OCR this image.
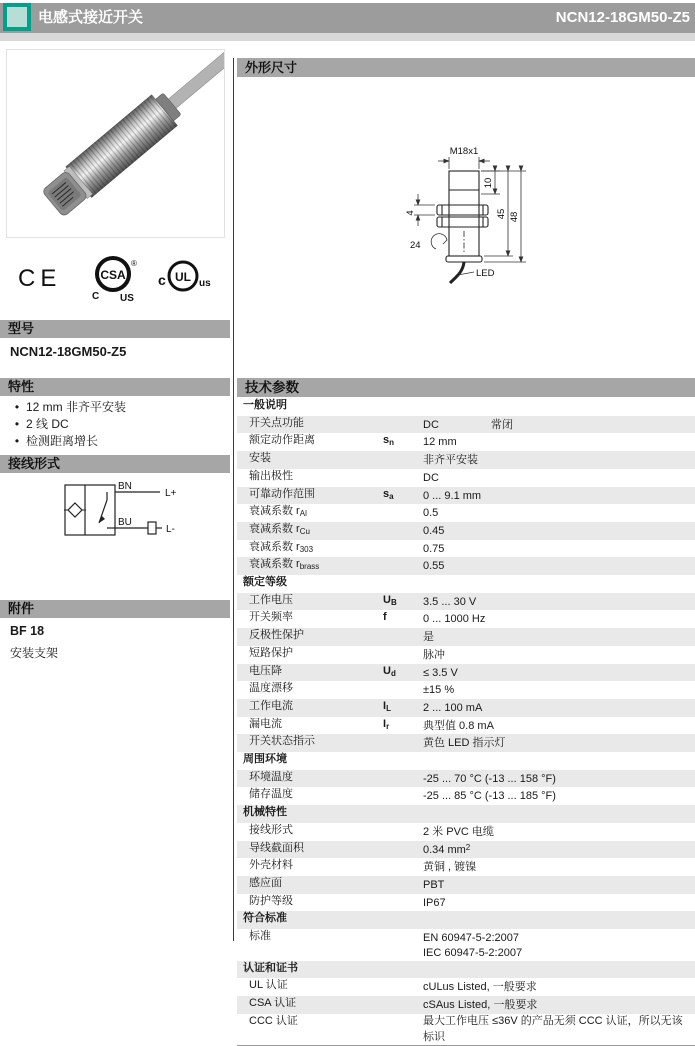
电感式接近开关	NCN12-18GM50-Z5
CE	CSA
®
C US
c UL us
型号
NCN12-18GM50-Z5
特性
• 12 mm 非齐平安装
• 2 线 DC
• 检测距离增长
接线形式
BN
BU
L+
L-
附件
BF 18
安装支架
外形尺寸
M18x1
10
45 48
4
24
LED
技术参数
一般说明
开关点功能	DC	常闭
额定动作距离	$s_n$	12 mm
安装	非齐平安装
输出极性	DC
可靠动作范围	$s_a$	0 ... 9.1 mm
衰减系数 rAl	0.5
衰减系数 rCu	0.45
衰减系数 r303	0.75
衰减系数 rbrass	0.55
额定等级
工作电压	$U_B$	3.5 ... 30 V
开关频率	f	0 ... 1000 Hz
反极性保护	是
短路保护	脉冲
电压降	$U_d$	≤ 3.5 V
温度漂移	±15 %
工作电流	$I_L$	2 ... 100 mA
漏电流	$I_r$	典型值 0.8 mA
开关状态指示	黄色 LED 指示灯
周围环境
环境温度	-25 ... 70 °C (-13 ... 158 °F)
储存温度	-25 ... 85 °C (-13 ... 185 °F)
机械特性
接线形式	2 米 PVC 电缆
导线截面积	0.34 $mm^2$
外壳材料	黄铜 , 镀镍
感应面	PBT
防护等级	IP67
符合标准
标准	EN 60947-5-2:2007
IEC 60947-5-2:2007
认证和证书
UL 认证	cULus Listed, 一般要求
CSA 认证	cSAus Listed, 一般要求
CCC 认证	最大工作电压 ≤36V 的产品无须 CCC 认证，所以无该标识
